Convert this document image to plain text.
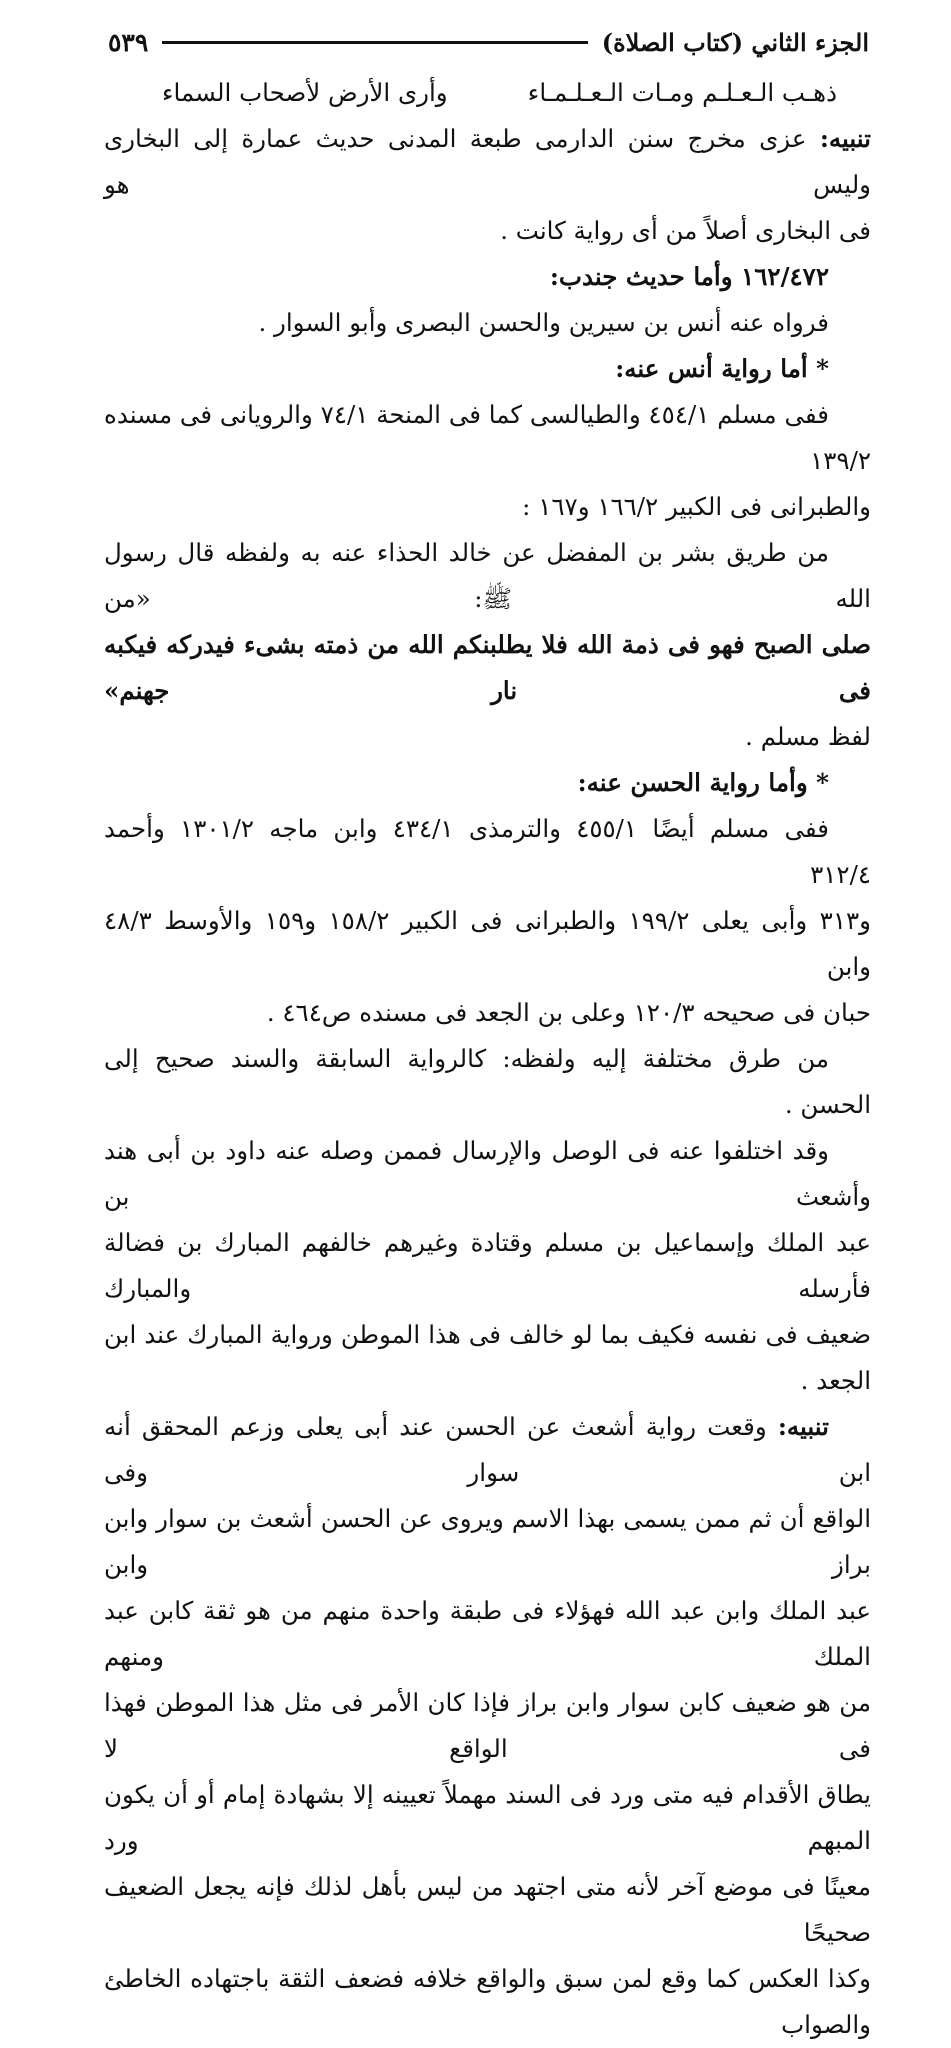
الجزء الثاني (كتاب الصلاة)
٥٣٩
ذهـب الـعـلـم ومـات الـعـلـمـاء
وأرى الأرض لأصحاب السماء

تنبيه: عزى مخرج سنن الدارمى طبعة المدنى حديث عمارة إلى البخارى وليس هو

فى البخارى أصلاً من أى رواية كانت .

١٦٢/٤٧٢ وأما حديث جندب:

فرواه عنه أنس بن سيرين والحسن البصرى وأبو السوار .

* أما رواية أنس عنه:

ففى مسلم ٤٥٤/١ والطيالسى كما فى المنحة ٧٤/١ والرويانى فى مسنده ١٣٩/٢

والطبرانى فى الكبير ١٦٦/٢ و١٦٧ :

من طريق بشر بن المفضل عن خالد الحذاء عنه به ولفظه قال رسول الله ﷺ: «من

صلى الصبح فهو فى ذمة الله فلا يطلبنكم الله من ذمته بشىء فيدركه فيكبه فى نار جهنم»

لفظ مسلم .

* وأما رواية الحسن عنه:

ففى مسلم أيضًا ٤٥٥/١ والترمذى ٤٣٤/١ وابن ماجه ١٣٠١/٢ وأحمد ٣١٢/٤

و٣١٣ وأبى يعلى ١٩٩/٢ والطبرانى فى الكبير ١٥٨/٢ و١٥٩ والأوسط ٤٨/٣ وابن

حبان فى صحيحه ١٢٠/٣ وعلى بن الجعد فى مسنده ص٤٦٤ .

من طرق مختلفة إليه ولفظه: كالرواية السابقة والسند صحيح إلى الحسن .

وقد اختلفوا عنه فى الوصل والإرسال فممن وصله عنه داود بن أبى هند وأشعث بن

عبد الملك وإسماعيل بن مسلم وقتادة وغيرهم خالفهم المبارك بن فضالة فأرسله والمبارك

ضعيف فى نفسه فكيف بما لو خالف فى هذا الموطن ورواية المبارك عند ابن الجعد .

تنبيه: وقعت رواية أشعث عن الحسن عند أبى يعلى وزعم المحقق أنه ابن سوار وفى

الواقع أن ثم ممن يسمى بهذا الاسم ويروى عن الحسن أشعث بن سوار وابن براز وابن

عبد الملك وابن عبد الله فهؤلاء فى طبقة واحدة منهم من هو ثقة كابن عبد الملك ومنهم

من هو ضعيف كابن سوار وابن براز فإذا كان الأمر فى مثل هذا الموطن فهذا فى الواقع لا

يطاق الأقدام فيه متى ورد فى السند مهملاً تعيينه إلا بشهادة إمام أو أن يكون المبهم ورد

معينًا فى موضع آخر لأنه متى اجتهد من ليس بأهل لذلك فإنه يجعل الضعيف صحيحًا

وكذا العكس كما وقع لمن سبق والواقع خلافه فضعف الثقة باجتهاده الخاطئ والصواب
